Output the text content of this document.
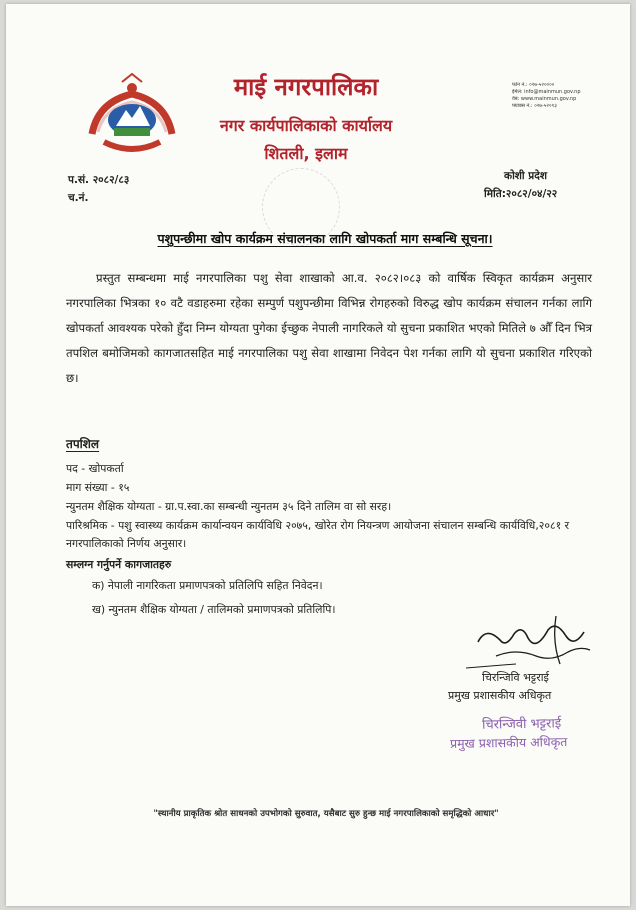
माई नगरपालिका
नगर कार्यपालिकाको कार्यालय
शितली, इलाम
फोन नं.: ०२७-५२००००
ईमेल: info@mainmun.gov.np
वेब: www.mainmun.gov.np
फ्याक्स नं.: ०२७-५२०१३
प.सं. २०८२/८३
च.नं.
कोशी प्रदेश
मिति:२०८२/०४/२२
पशुपन्छीमा खोप कार्यक्रम संचालनका लागि खोपकर्ता माग सम्बन्धि सूचना।
प्रस्तुत सम्बन्धमा माई नगरपालिका पशु सेवा शाखाको आ.व. २०८२।०८३ को वार्षिक स्विकृत कार्यक्रम अनुसार नगरपालिका भित्रका १० वटै वडाहरुमा रहेका सम्पुर्ण पशुपन्छीमा विभिन्न रोगहरुको विरुद्ध खोप कार्यक्रम संचालन गर्नका लागि खोपकर्ता आवश्यक परेको हुँदा निम्न योग्यता पुगेका ईच्छुक नेपाली नागरिकले यो सुचना प्रकाशित भएको मितिले ७ औँ दिन भित्र तपशिल बमोजिमको कागजातसहित माई नगरपालिका पशु सेवा शाखामा निवेदन पेश गर्नका लागि यो सुचना प्रकाशित गरिएको छ।
तपशिल
पद - खोपकर्ता
माग संख्या - १५
न्युनतम शैक्षिक योग्यता - ग्रा.प.स्वा.का सम्बन्धी न्युनतम ३५ दिने तालिम वा सो सरह।
पारिश्रमिक - पशु स्वास्थ्य कार्यक्रम कार्यान्वयन कार्यविधि २०७५, खोरेत रोग नियन्त्रण आयोजना संचालन सम्बन्धि कार्यविधि,२०८१ र नगरपालिकाको निर्णय अनुसार।
सम्लग्न गर्नुपर्ने कागजातहरु
क) नेपाली नागरिकता प्रमाणपत्रको प्रतिलिपि सहित निवेदन।
ख) न्युनतम शैक्षिक योग्यता / तालिमको प्रमाणपत्रको प्रतिलिपि।
चिरन्जिवि भट्टराई
प्रमुख प्रशासकीय अधिकृत
चिरन्जिवी भट्टराई
प्रमुख प्रशासकीय अधिकृत
"स्थानीय प्राकृतिक श्रोत साधनको उपभोगको सुरुवात, यसैबाट सुरु हुन्छ माई नगरपालिकाको समृद्धिको आधार"
